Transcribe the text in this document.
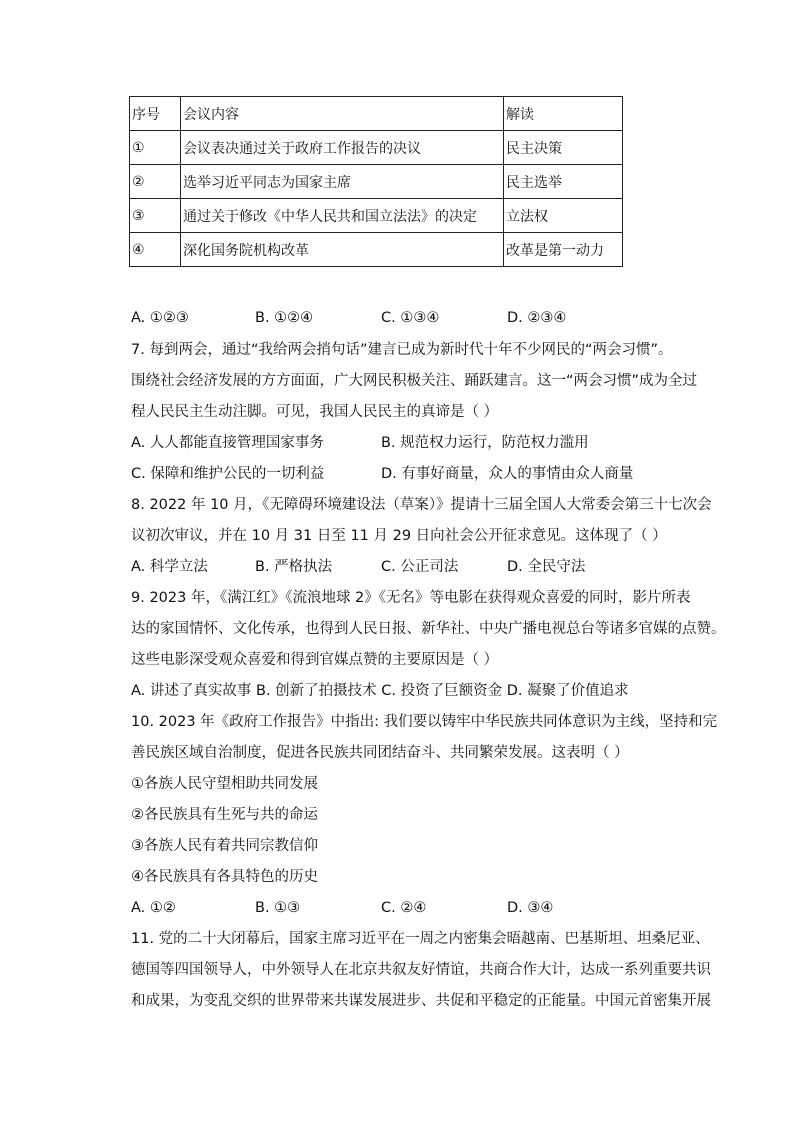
序号	会议内容	解读
①	会议表决通过关于政府工作报告的决议	民主决策
②	选举习近平同志为国家主席	民主选举
③	通过关于修改《中华人民共和国立法法》的决定	立法权
④	深化国务院机构改革	改革是第一动力
A. ①②③	B. ①②④	C. ①③④	D. ②③④
7. 每到两会，通过“我给两会捎句话”建言已成为新时代十年不少网民的“两会习惯”。
围绕社会经济发展的方方面面，广大网民积极关注、踊跃建言。这一“两会习惯”成为全过
程人民民主生动注脚。可见，我国人民民主的真谛是（ ）
A. 人人都能直接管理国家事务	B. 规范权力运行，防范权力滥用
C. 保障和维护公民的一切利益	D. 有事好商量，众人的事情由众人商量
8. 2022 年 10 月，《无障碍环境建设法（草案）》提请十三届全国人大常委会第三十七次会
议初次审议，并在 10 月 31 日至 11 月 29 日向社会公开征求意见。这体现了（ ）
A. 科学立法	B. 严格执法	C. 公正司法	D. 全民守法
9. 2023 年，《满江红》《流浪地球 2》《无名》等电影在获得观众喜爱的同时，影片所表
达的家国情怀、文化传承，也得到人民日报、新华社、中央广播电视总台等诸多官媒的点赞。
这些电影深受观众喜爱和得到官媒点赞的主要原因是（ ）
A. 讲述了真实故事 B. 创新了拍摄技术 C. 投资了巨额资金 D. 凝聚了价值追求
10. 2023 年《政府工作报告》中指出: 我们要以铸牢中华民族共同体意识为主线，坚持和完
善民族区域自治制度，促进各民族共同团结奋斗、共同繁荣发展。这表明（ ）
①各族人民守望相助共同发展
②各民族具有生死与共的命运
③各族人民有着共同宗教信仰
④各民族具有各具特色的历史
A. ①②	B. ①③	C. ②④	D. ③④
11. 党的二十大闭幕后，国家主席习近平在一周之内密集会晤越南、巴基斯坦、坦桑尼亚、
德国等四国领导人，中外领导人在北京共叙友好情谊，共商合作大计，达成一系列重要共识
和成果，为变乱交织的世界带来共谋发展进步、共促和平稳定的正能量。中国元首密集开展
